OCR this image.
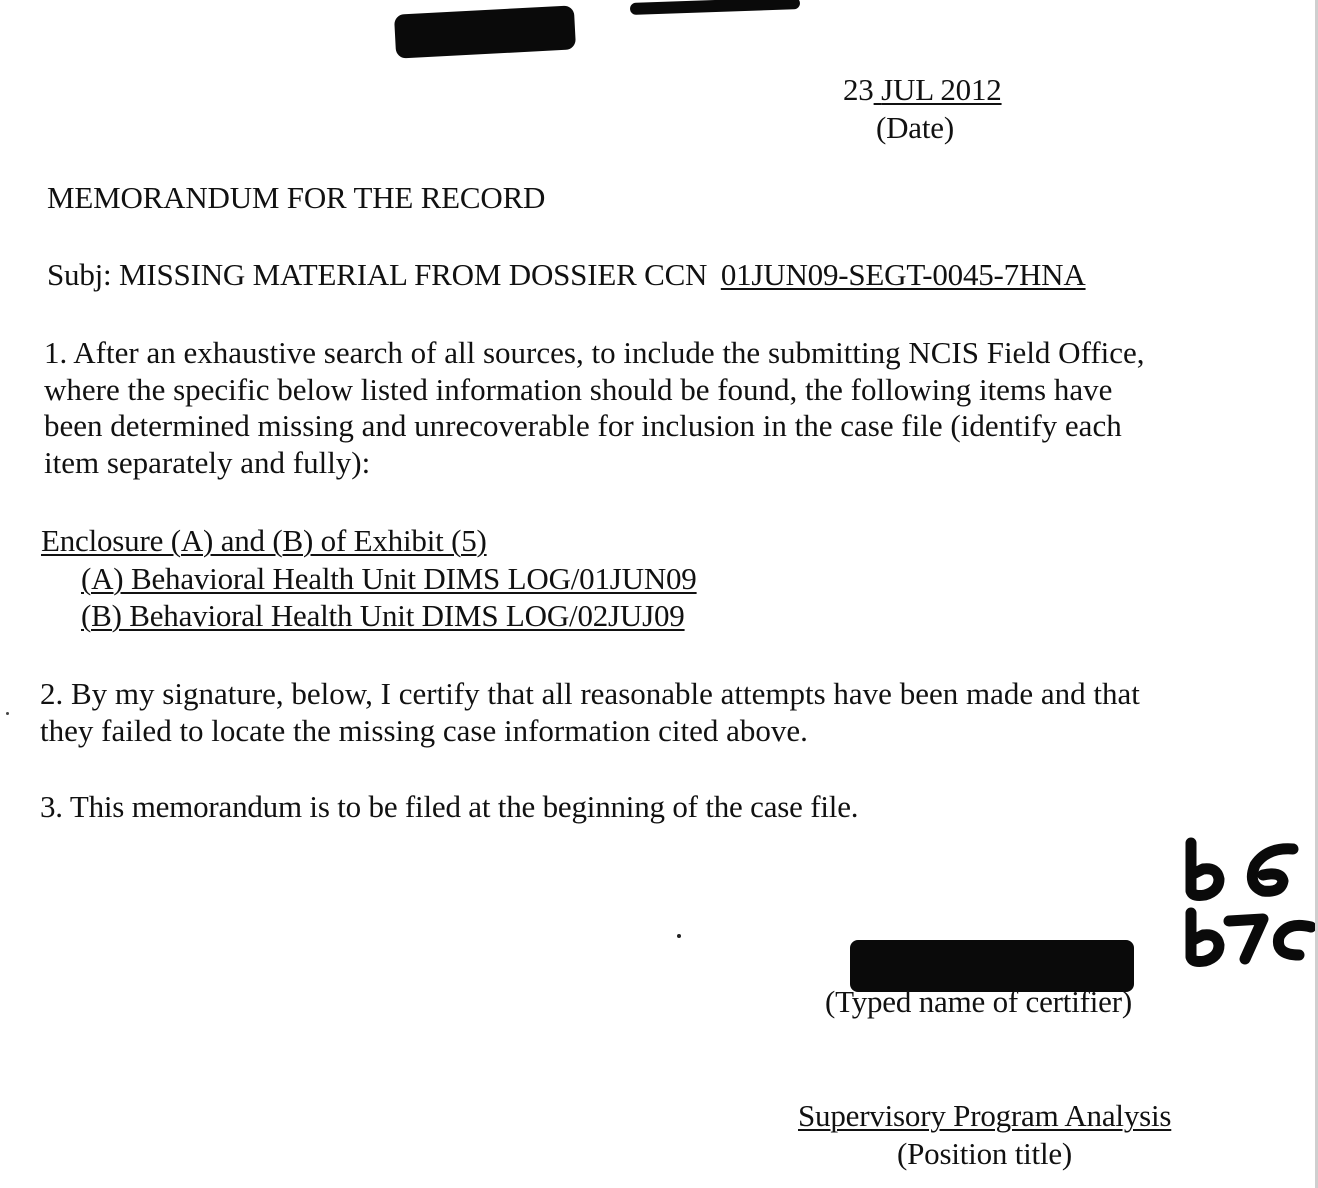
23 JUL 2012
(Date)
MEMORANDUM FOR THE RECORD
Subj: MISSING MATERIAL FROM DOSSIER CCN 01JUN09-SEGT-0045-7HNA
1. After an exhaustive search of all sources, to include the submitting NCIS Field Office,
where the specific below listed information should be found, the following items have
been determined missing and unrecoverable for inclusion in the case file (identify each
item separately and fully):
Enclosure (A) and (B) of Exhibit (5)
(A) Behavioral Health Unit DIMS LOG/01JUN09
(B) Behavioral Health Unit DIMS LOG/02JUJ09
2. By my signature, below, I certify that all reasonable attempts have been made and that
they failed to locate the missing case information cited above.
3. This memorandum is to be filed at the beginning of the case file.
(Typed name of certifier)
Supervisory Program Analysis
(Position title)
